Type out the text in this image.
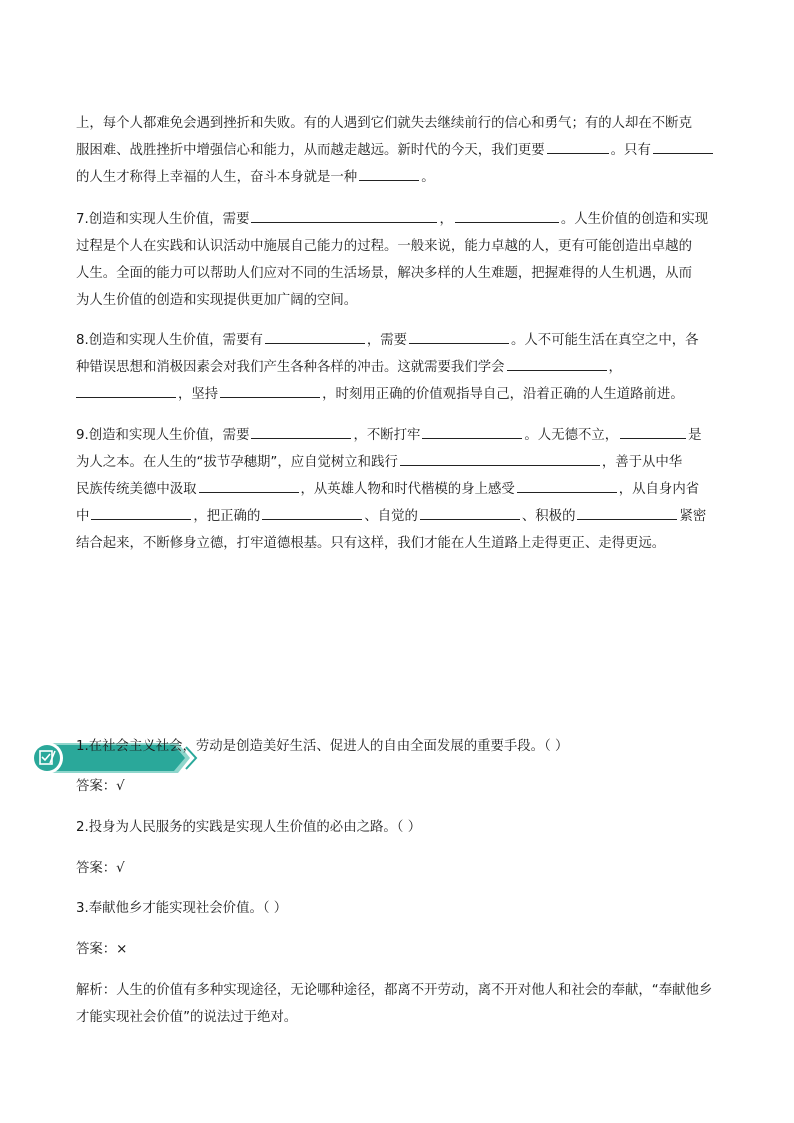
上，每个人都难免会遇到挫折和失败。有的人遇到它们就失去继续前行的信心和勇气；有的人却在不断克
服困难、战胜挫折中增强信心和能力，从而越走越远。新时代的今天，我们更要	。只有
的人生才称得上幸福的人生，奋斗本身就是一种	。
7.创造和实现人生价值，需要	，	。人生价值的创造和实现
过程是个人在实践和认识活动中施展自己能力的过程。一般来说，能力卓越的人，更有可能创造出卓越的
人生。全面的能力可以帮助人们应对不同的生活场景，解决多样的人生难题，把握难得的人生机遇，从而
为人生价值的创造和实现提供更加广阔的空间。
8.创造和实现人生价值，需要有	，需要	。人不可能生活在真空之中，各
种错误思想和消极因素会对我们产生各种各样的冲击。这就需要我们学会	，
，坚持	，时刻用正确的价值观指导自己，沿着正确的人生道路前进。
9.创造和实现人生价值，需要	，不断打牢	。人无德不立，	是
为人之本。在人生的“拔节孕穗期”，应自觉树立和践行	，善于从中华
民族传统美德中汲取	，从英雄人物和时代楷模的身上感受	，从自身内省
中	，把正确的	、自觉的	、积极的	紧密
结合起来，不断修身立德，打牢道德根基。只有这样，我们才能在人生道路上走得更正、走得更远。
1.在社会主义社会，劳动是创造美好生活、促进人的自由全面发展的重要手段。（ ）
答案：√
2.投身为人民服务的实践是实现人生价值的必由之路。（ ）
答案：√
3.奉献他乡才能实现社会价值。（ ）
答案：×
解析：人生的价值有多种实现途径，无论哪种途径，都离不开劳动，离不开对他人和社会的奉献，“奉献他乡
才能实现社会价值”的说法过于绝对。
